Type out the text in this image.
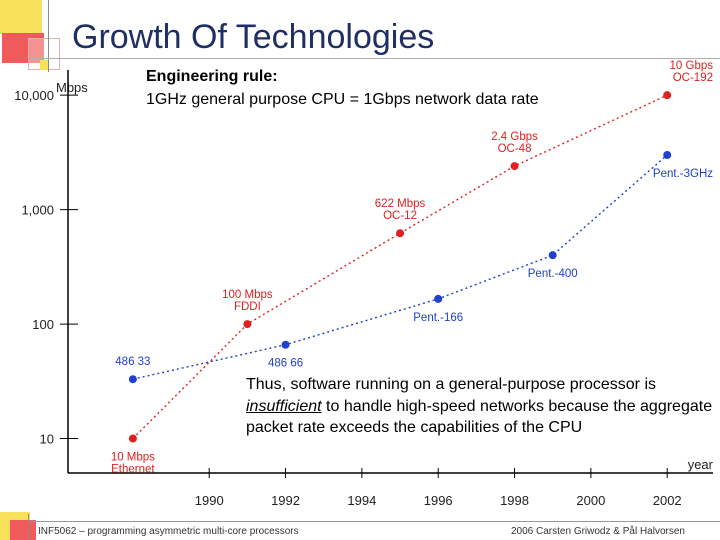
Growth Of Technologies
Engineering rule:
1GHz general purpose CPU = 1Gbps network data rate
Mbps
10
100
1,000
10,000
1990	1992	1994	1996	1998	2000	2002
year
10 Mbps
Ethernet
100 Mbps
FDDI
622 Mbps
OC-12
2.4 Gbps
OC-48
10 Gbps
OC-192
486 33	486 66
Pent.-166
Pent.-400
Pent.-3GHz
Thus, software running on a general-purpose processor is insufficient to handle high-speed networks because the aggregate packet rate exceeds the capabilities of the CPU
INF5062 – programming asymmetric multi-core processors	2006 Carsten Griwodz & Pål Halvorsen
